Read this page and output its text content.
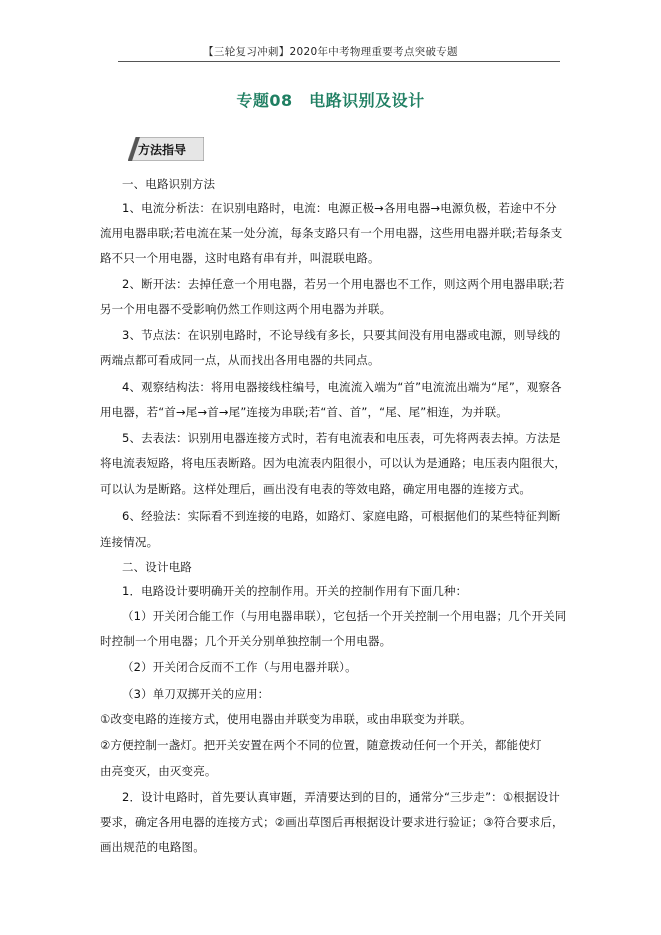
【三轮复习冲刺】2020年中考物理重要考点突破专题
专题08　电路识别及设计
方法指导
一、电路识别方法
1、电流分析法：在识别电路时，电流：电源正极→各用电器→电源负极，若途中不分
流用电器串联;若电流在某一处分流，每条支路只有一个用电器，这些用电器并联;若每条支
路不只一个用电器，这时电路有串有并，叫混联电路。
2、断开法：去掉任意一个用电器，若另一个用电器也不工作，则这两个用电器串联;若
另一个用电器不受影响仍然工作则这两个用电器为并联。
3、节点法：在识别电路时，不论导线有多长，只要其间没有用电器或电源，则导线的
两端点都可看成同一点，从而找出各用电器的共同点。
4、观察结构法：将用电器接线柱编号，电流流入端为“首”电流流出端为“尾”，观察各
用电器，若“首→尾→首→尾”连接为串联;若“首、首”，“尾、尾”相连，为并联。
5、去表法：识别用电器连接方式时，若有电流表和电压表，可先将两表去掉。方法是
将电流表短路，将电压表断路。因为电流表内阻很小，可以认为是通路；电压表内阻很大，
可以认为是断路。这样处理后，画出没有电表的等效电路，确定用电器的连接方式。
6、经验法：实际看不到连接的电路，如路灯、家庭电路，可根据他们的某些特征判断
连接情况。
二、设计电路
1．电路设计要明确开关的控制作用。开关的控制作用有下面几种：
（1）开关闭合能工作（与用电器串联），它包括一个开关控制一个用电器；几个开关同
时控制一个用电器；几个开关分别单独控制一个用电器。
（2）开关闭合反而不工作（与用电器并联）。
（3）单刀双掷开关的应用：
①改变电路的连接方式，使用电器由并联变为串联，或由串联变为并联。
②方便控制一盏灯。把开关安置在两个不同的位置，随意拨动任何一个开关，都能使灯
由亮变灭，由灭变亮。
2．设计电路时，首先要认真审题，弄清要达到的目的，通常分“三步走”：①根据设计
要求，确定各用电器的连接方式；②画出草图后再根据设计要求进行验证；③符合要求后，
画出规范的电路图。
